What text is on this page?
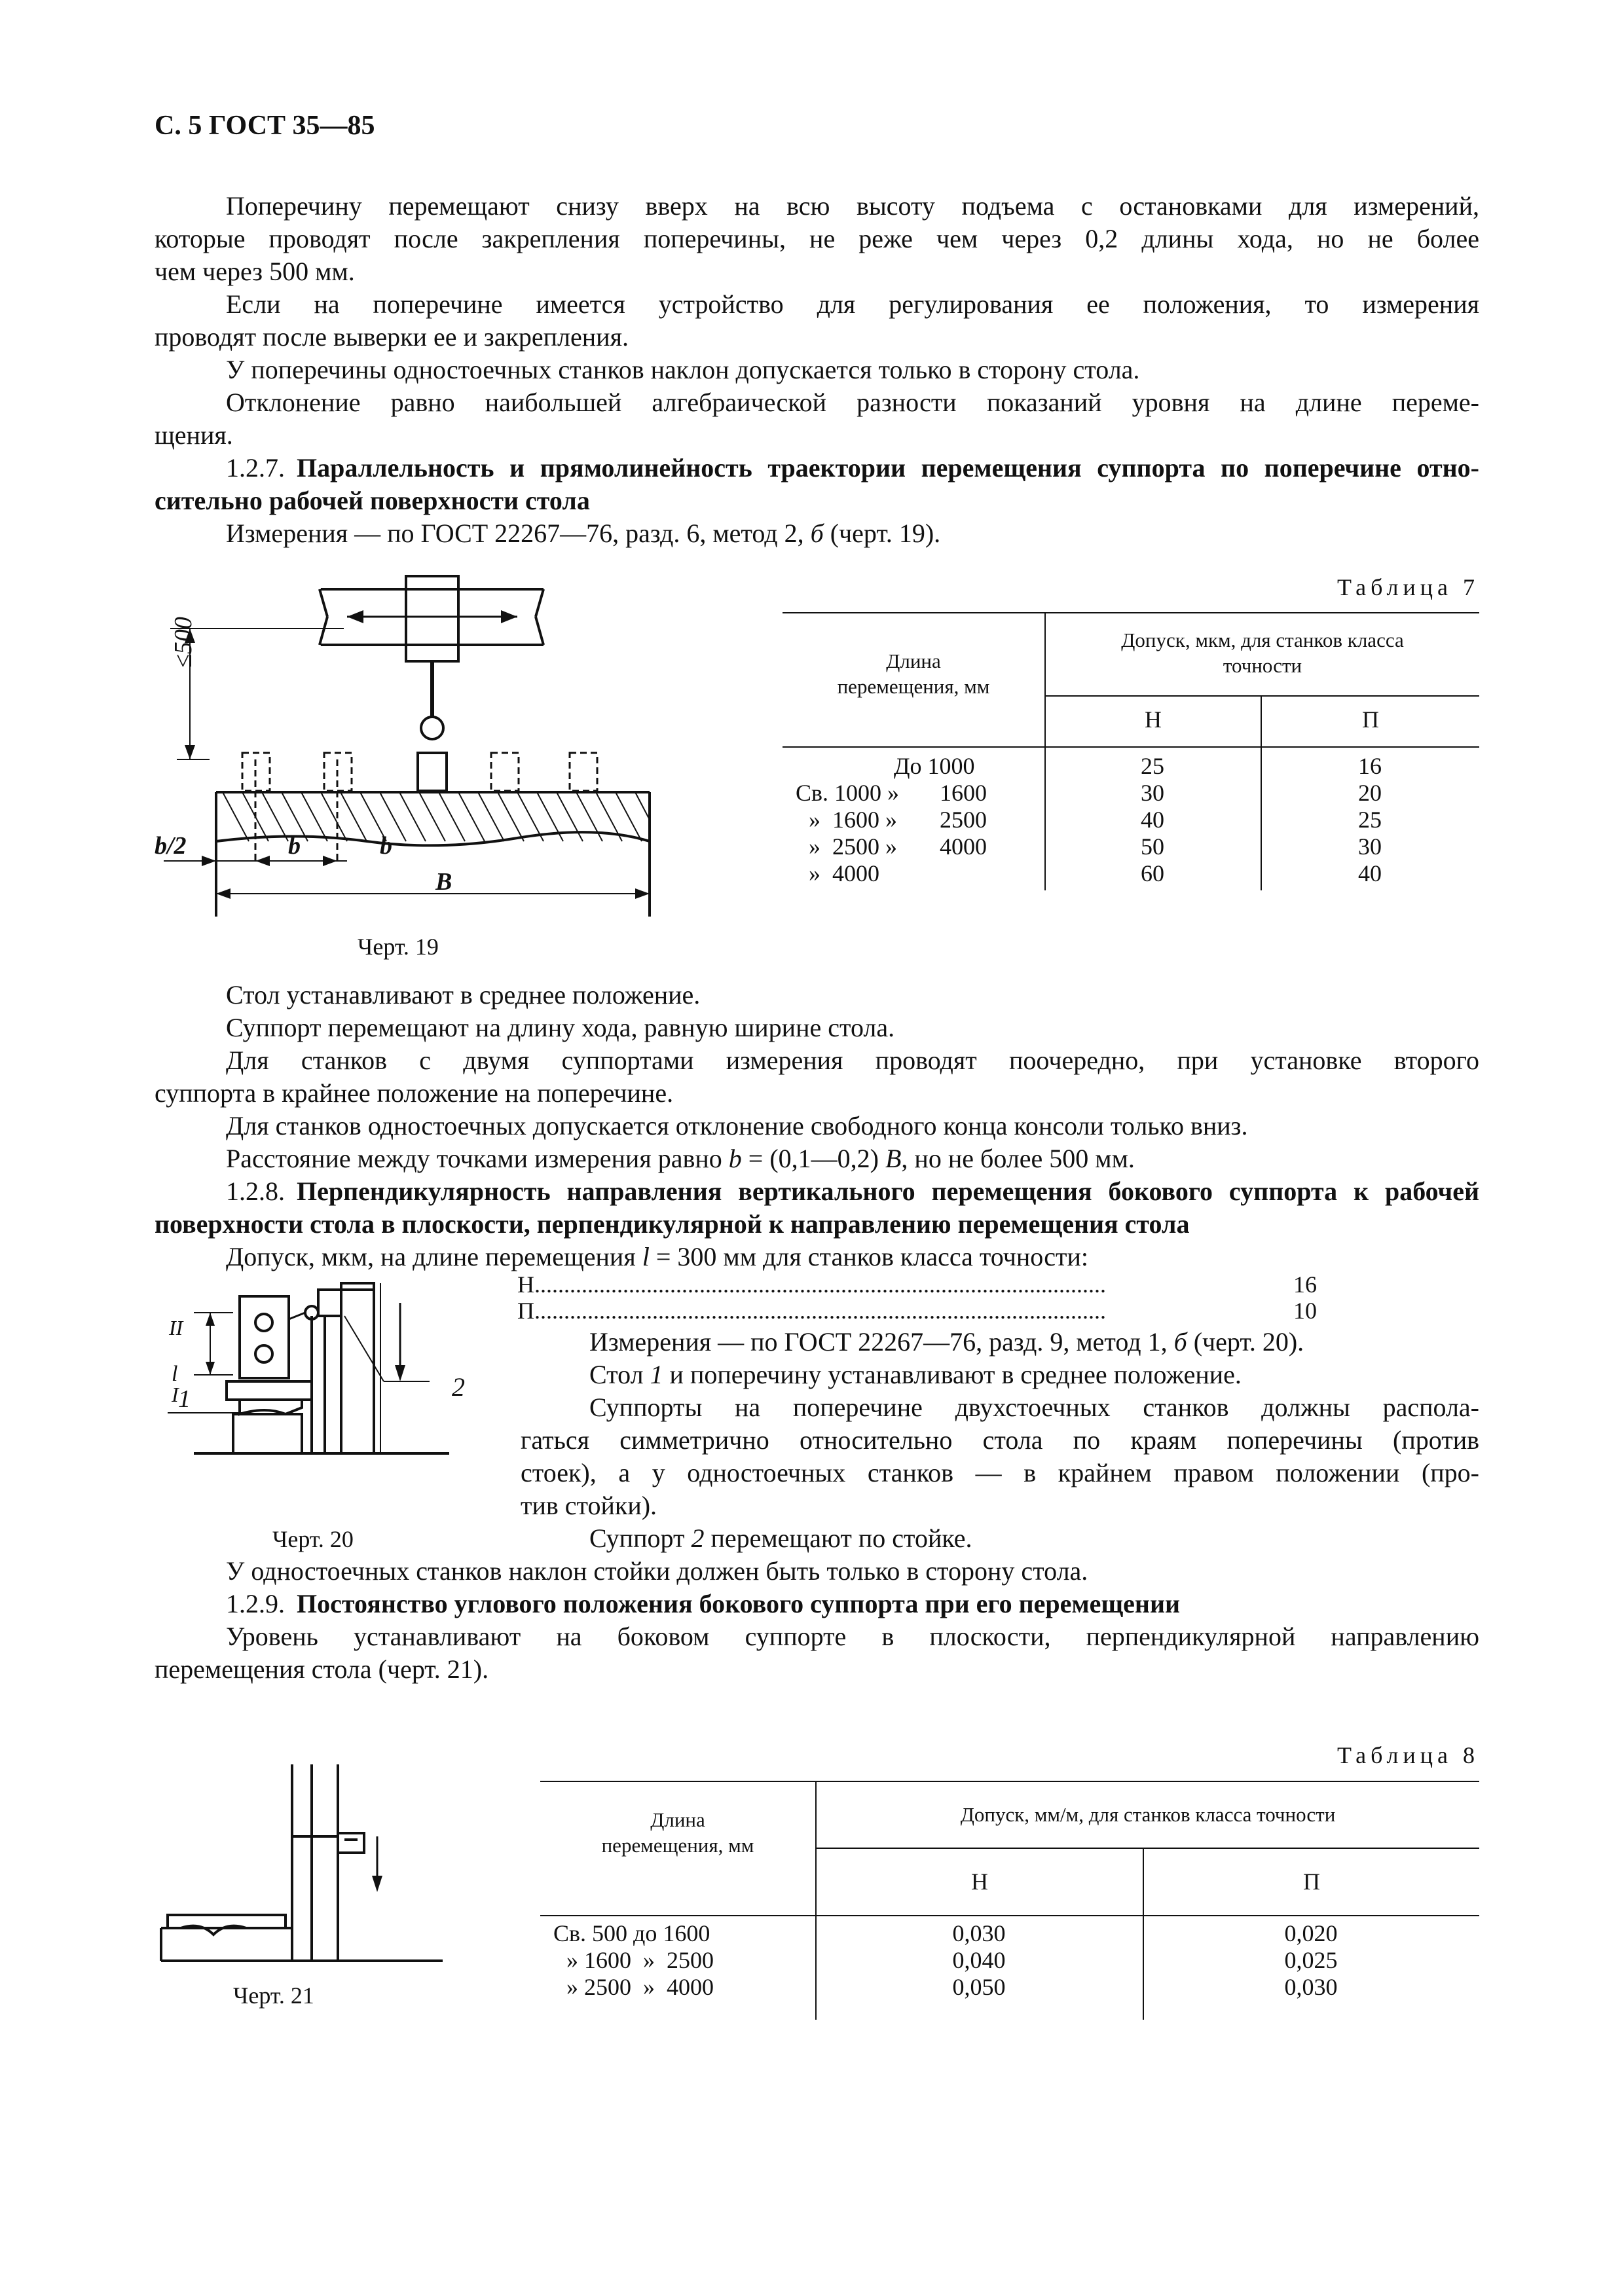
С. 5 ГОСТ 35—85
Поперечину перемещают снизу вверх на всю высоту подъема с остановками для измерений,
которые проводят после закрепления поперечины, не реже чем через 0,2 длины хода, но не более
чем через 500 мм.
Если на поперечине имеется устройство для регулирования ее положения, то измерения
проводят после выверки ее и закрепления.
У поперечины одностоечных станков наклон допускается только в сторону стола.
Отклонение равно наибольшей алгебраической разности показаний уровня на длине переме-
щения.
1.2.7. Параллельность и прямолинейность траектории перемещения суппорта по поперечине отно-
сительно рабочей поверхности стола
Измерения — по ГОСТ 22267—76, разд. 6, метод 2, б (черт. 19).
≤500
b/2	b	b
B
Черт. 19
Таблица 7
Длина
перемещения, мм
Допуск, мкм, для станков класса
точности
Н	П
До 1000	25	16
Св. 1000 » 1600	30	20
»  1600 » 2500	40	25
»  2500 » 4000	50	30
»  4000	60	40
Стол устанавливают в среднее положение.
Суппорт перемещают на длину хода, равную ширине стола.
Для станков с двумя суппортами измерения проводят поочередно, при установке второго
суппорта в крайнее положение на поперечине.
Для станков одностоечных допускается отклонение свободного конца консоли только вниз.
Расстояние между точками измерения равно b = (0,1—0,2) B, но не более 500 мм.
1.2.8. Перпендикулярность направления вертикального перемещения бокового суппорта к рабочей
поверхности стола в плоскости, перпендикулярной к направлению перемещения стола
Допуск, мкм, на длине перемещения l = 300 мм для станков класса точности:
Н.................................................................................................	16
П.................................................................................................	10
Измерения — по ГОСТ 22267—76, разд. 9, метод 1, б (черт. 20).
Стол 1 и поперечину устанавливают в среднее положение.
Суппорты на поперечине двухстоечных станков должны распола-
гаться симметрично относительно стола по краям поперечины (против
стоек), а у одностоечных станков — в крайнем правом положении (про-
тив стойки).
Суппорт 2 перемещают по стойке.
II
l
I 1	2
Черт. 20
У одностоечных станков наклон стойки должен быть только в сторону стола.
1.2.9. Постоянство углового положения бокового суппорта при его перемещении
Уровень устанавливают на боковом суппорте в плоскости, перпендикулярной направлению
перемещения стола (черт. 21).
Черт. 21
Таблица 8
Длина
перемещения, мм
Допуск, мм/м, для станков класса точности
Н	П
Св. 500 до 1600	0,030	0,020
» 1600  »  2500	0,040	0,025
» 2500  »  4000	0,050	0,030
